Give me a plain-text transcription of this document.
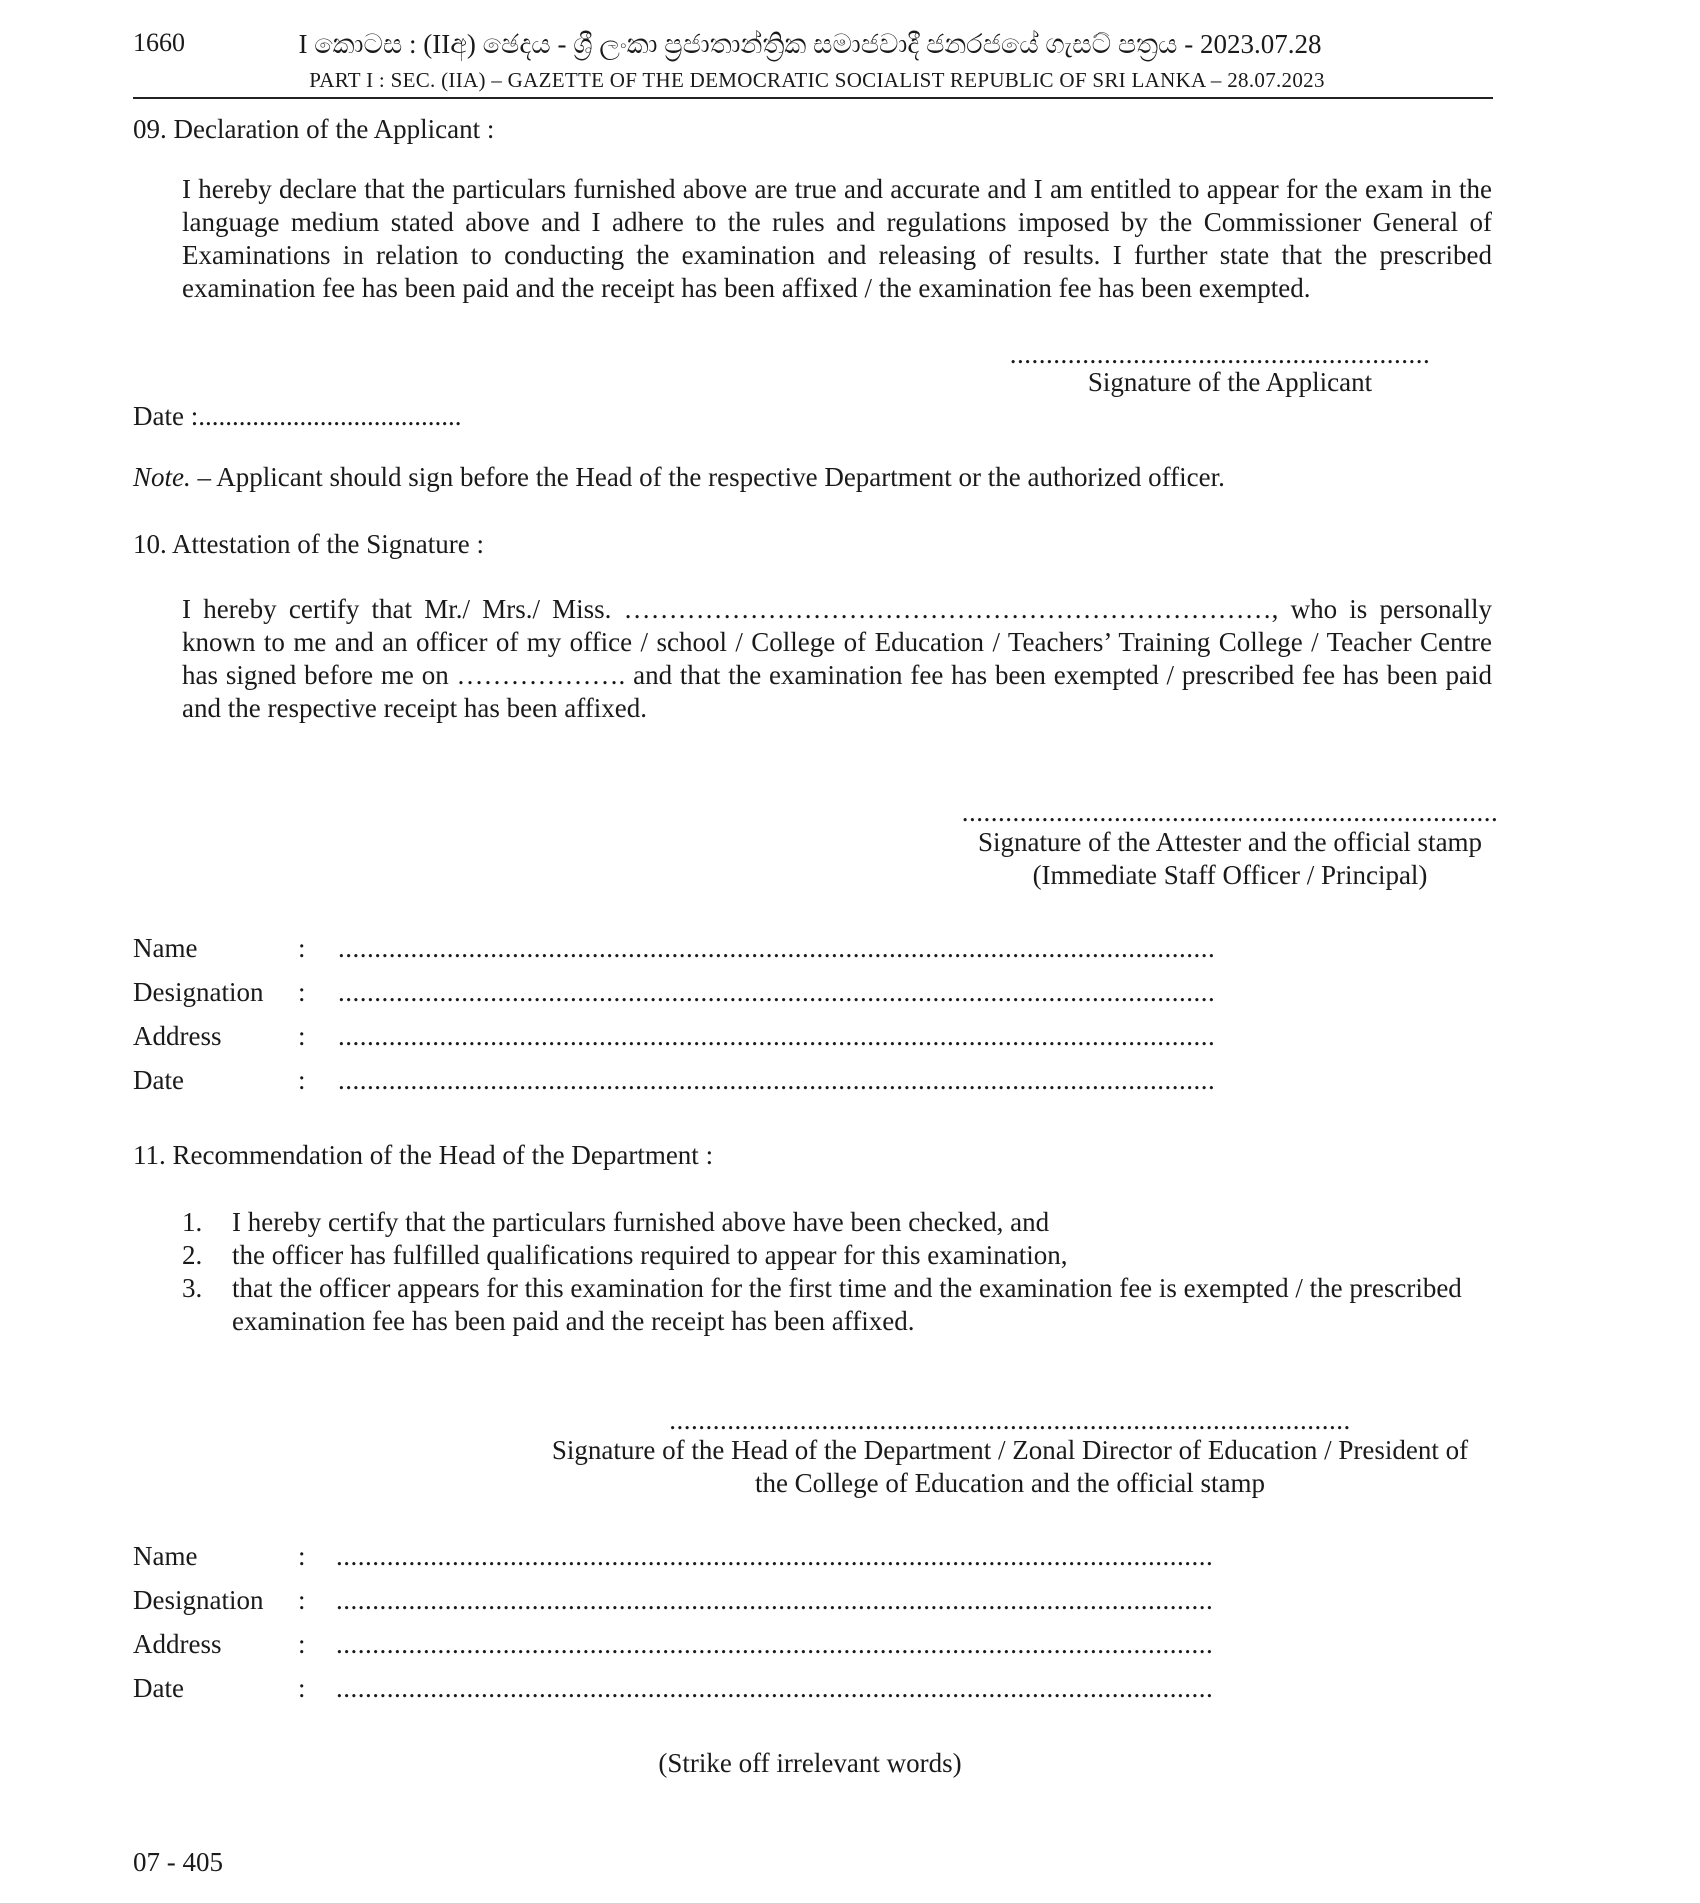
1660	I කොටස : (IIඅ) ඡෙදය - ශ්‍රී ලංකා ප්‍රජාතාන්ත්‍රික සමාජවාදී ජනරජයේ ගැසට් පත්‍රය - 2023.07.28
PART I : SEC. (IIA) – GAZETTE OF THE DEMOCRATIC SOCIALIST REPUBLIC OF SRI LANKA – 28.07.2023
09. Declaration of the Applicant :
I hereby declare that the particulars furnished above are true and accurate and I am entitled to appear for the exam in the language medium stated above and I adhere to the rules and regulations imposed by the Commissioner General of Examinations in relation to conducting the examination and releasing of results. I further state that the prescribed examination fee has been paid and the receipt has been affixed / the examination fee has been exempted.
..........................................................
Signature of the Applicant
Date :.......................................
Note. – Applicant should sign before the Head of the respective Department or the authorized officer.
10. Attestation of the Signature :
I hereby certify that Mr./ Mrs./ Miss. ………………………………………………………………, who is personally known to me and an officer of my office / school / College of Education / Teachers’ Training College / Teacher Centre has signed before me on ………………. and that the examination fee has been exempted / prescribed fee has been paid and the respective receipt has been affixed.
..........................................................................
Signature of the Attester and the official stamp
(Immediate Staff Officer / Principal)
Name	:	.........................................................................................................................
Designation	:	.........................................................................................................................
Address	:	.........................................................................................................................
Date	:	.........................................................................................................................
11. Recommendation of the Head of the Department :
1.	I hereby certify that the particulars furnished above have been checked, and
2.	the officer has fulfilled qualifications required to appear for this examination,
3.	that the officer appears for this examination for the first time and the examination fee is exempted / the prescribed examination fee has been paid and the receipt has been affixed.
..............................................................................................
Signature of the Head of the Department / Zonal Director of Education / President of
the College of Education and the official stamp
Name	:	.........................................................................................................................
Designation	:	.........................................................................................................................
Address	:	.........................................................................................................................
Date	:	.........................................................................................................................
(Strike off irrelevant words)
07 - 405
